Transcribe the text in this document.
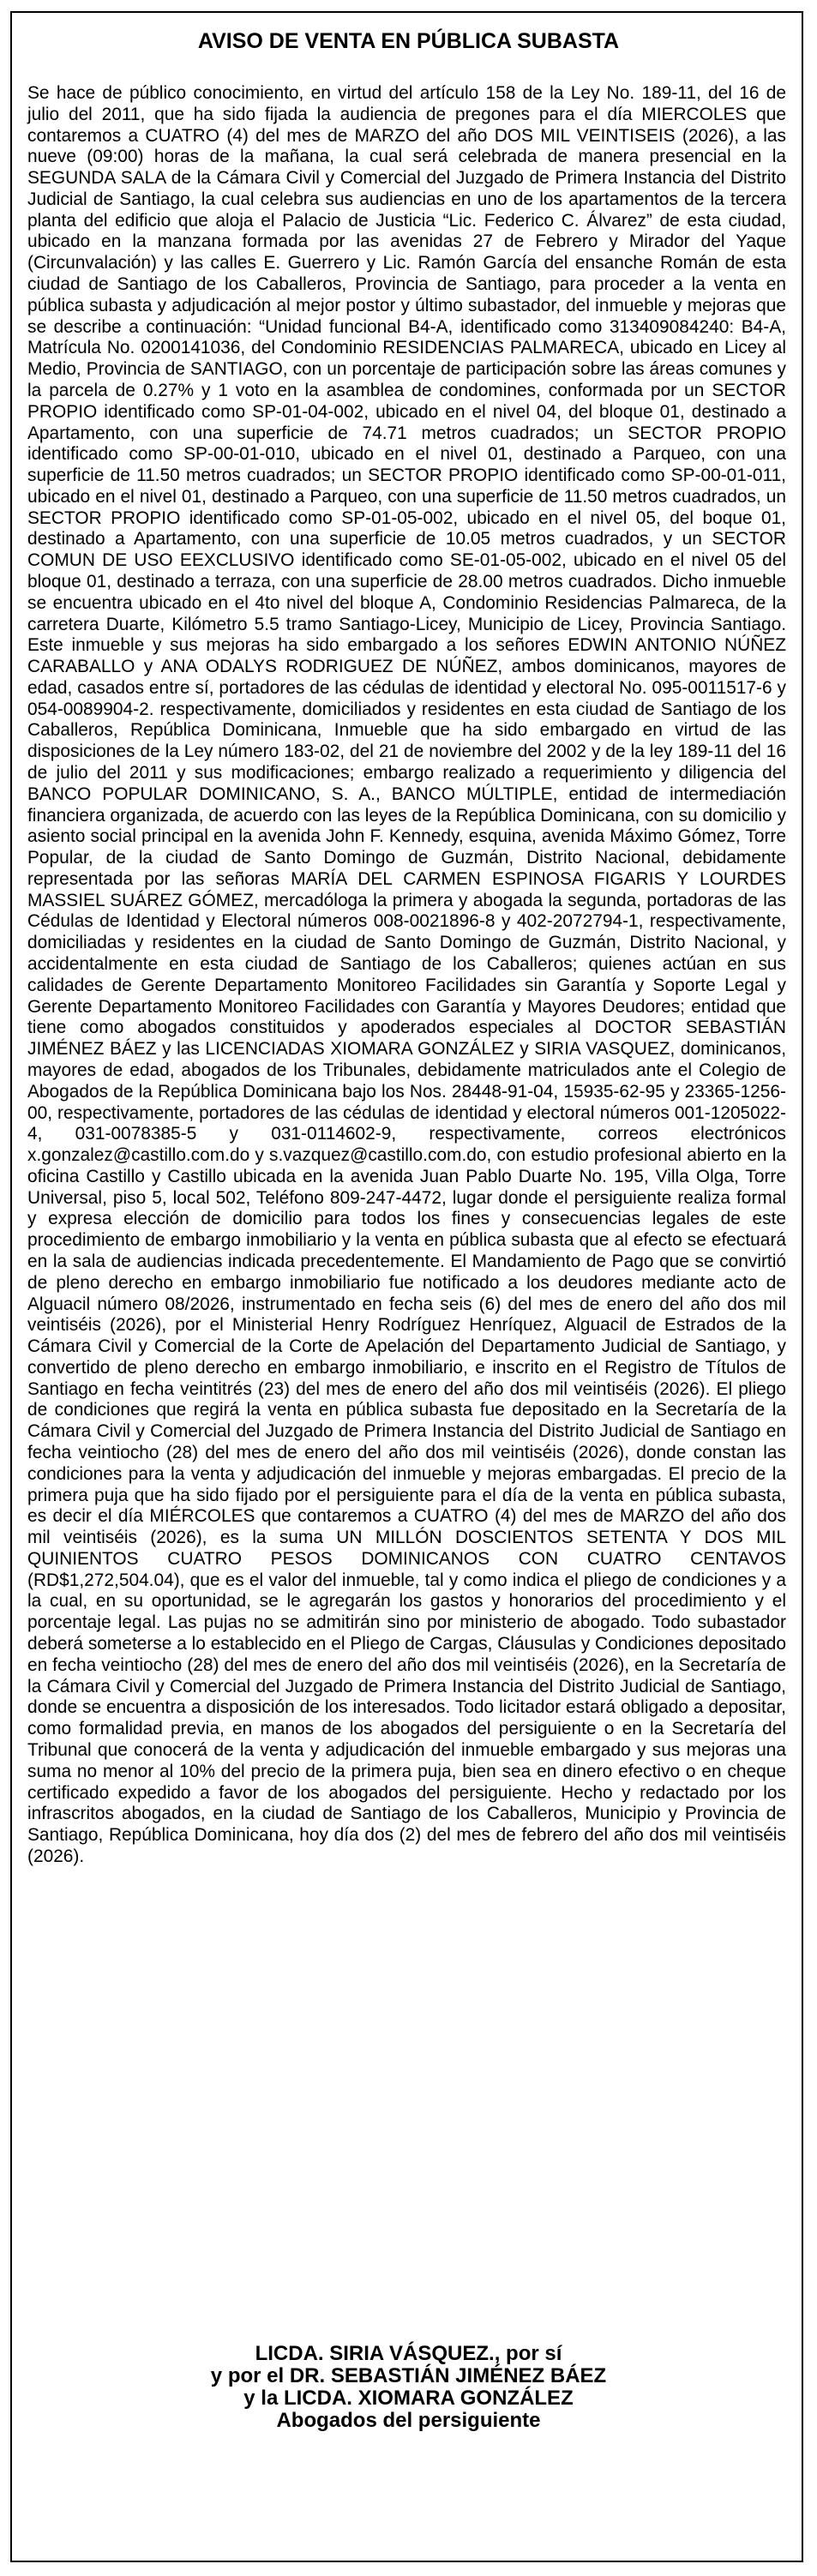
AVISO DE VENTA EN PÚBLICA SUBASTA

Se hace de público conocimiento, en virtud del artículo 158 de la Ley No. 189-11, del 16 de julio del 2011, que ha sido fijada la audiencia de pregones para el día MIERCOLES que contaremos a CUATRO (4) del mes de MARZO del año DOS MIL VEINTISEIS (2026), a las nueve (09:00) horas de la mañana, la cual será celebrada de manera presencial en la SEGUNDA SALA de la Cámara Civil y Comercial del Juzgado de Primera Instancia del Distrito Judicial de Santiago, la cual celebra sus audiencias en uno de los apartamentos de la tercera planta del edificio que aloja el Palacio de Justicia “Lic. Federico C. Álvarez” de esta ciudad, ubicado en la manzana formada por las avenidas 27 de Febrero y Mirador del Yaque (Circunvalación) y las calles E. Guerrero y Lic. Ramón García del ensanche Román de esta ciudad de Santiago de los Caballeros, Provincia de Santiago, para proceder a la venta en pública subasta y adjudicación al mejor postor y último subastador, del inmueble y mejoras que se describe a continuación: “Unidad funcional B4-A, identificado como 313409084240: B4-A, Matrícula No. 0200141036, del Condominio RESIDENCIAS PALMARECA, ubicado en Licey al Medio, Provincia de SANTIAGO, con un porcentaje de participación sobre las áreas comunes y la parcela de 0.27% y 1 voto en la asamblea de condomines, conformada por un SECTOR PROPIO identificado como SP-01-04-002, ubicado en el nivel 04, del bloque 01, destinado a Apartamento, con una superficie de 74.71 metros cuadrados; un SECTOR PROPIO identificado como SP-00-01-010, ubicado en el nivel 01, destinado a Parqueo, con una superficie de 11.50 metros cuadrados; un SECTOR PROPIO identificado como SP-00-01-011, ubicado en el nivel 01, destinado a Parqueo, con una superficie de 11.50 metros cuadrados, un SECTOR PROPIO identificado como SP-01-05-002, ubicado en el nivel 05, del boque 01, destinado a Apartamento, con una superficie de 10.05 metros cuadrados, y un SECTOR COMUN DE USO EEXCLUSIVO identificado como SE-01-05-002, ubicado en el nivel 05 del bloque 01, destinado a terraza, con una superficie de 28.00 metros cuadrados. Dicho inmueble se encuentra ubicado en el 4to nivel del bloque A, Condominio Residencias Palmareca, de la carretera Duarte, Kilómetro 5.5 tramo Santiago-Licey, Municipio de Licey, Provincia Santiago. Este inmueble y sus mejoras ha sido embargado a los señores EDWIN ANTONIO NÚÑEZ CARABALLO y ANA ODALYS RODRIGUEZ DE NÚÑEZ, ambos dominicanos, mayores de edad, casados entre sí, portadores de las cédulas de identidad y electoral No. 095-0011517-6 y 054-0089904-2. respectivamente, domiciliados y residentes en esta ciudad de Santiago de los Caballeros, República Dominicana, Inmueble que ha sido embargado en virtud de las disposiciones de la Ley número 183-02, del 21 de noviembre del 2002 y de la ley 189-11 del 16 de julio del 2011 y sus modificaciones; embargo realizado a requerimiento y diligencia del BANCO POPULAR DOMINICANO, S. A., BANCO MÚLTIPLE, entidad de intermediación financiera organizada, de acuerdo con las leyes de la República Dominicana, con su domicilio y asiento social principal en la avenida John F. Kennedy, esquina, avenida Máximo Gómez, Torre Popular, de la ciudad de Santo Domingo de Guzmán, Distrito Nacional, debidamente representada por las señoras MARÍA DEL CARMEN ESPINOSA FIGARIS Y LOURDES MASSIEL SUÁREZ GÓMEZ, mercadóloga la primera y abogada la segunda, portadoras de las Cédulas de Identidad y Electoral números 008-0021896-8 y 402-2072794-1, respectivamente, domiciliadas y residentes en la ciudad de Santo Domingo de Guzmán, Distrito Nacional, y accidentalmente en esta ciudad de Santiago de los Caballeros; quienes actúan en sus calidades de Gerente Departamento Monitoreo Facilidades sin Garantía y Soporte Legal y Gerente Departamento Monitoreo Facilidades con Garantía y Mayores Deudores; entidad que tiene como abogados constituidos y apoderados especiales al DOCTOR SEBASTIÁN JIMÉNEZ BÁEZ y las LICENCIADAS XIOMARA GONZÁLEZ y SIRIA VASQUEZ, dominicanos, mayores de edad, abogados de los Tribunales, debidamente matriculados ante el Colegio de Abogados de la República Dominicana bajo los Nos. 28448-91-04, 15935-62-95 y 23365-1256-00, respectivamente, portadores de las cédulas de identidad y electoral números 001-1205022-4, 031-0078385-5 y 031-0114602-9, respectivamente, correos electrónicos x.gonzalez@castillo.com.do y s.vazquez@castillo.com.do, con estudio profesional abierto en la oficina Castillo y Castillo ubicada en la avenida Juan Pablo Duarte No. 195, Villa Olga, Torre Universal, piso 5, local 502, Teléfono 809-247-4472, lugar donde el persiguiente realiza formal y expresa elección de domicilio para todos los fines y consecuencias legales de este procedimiento de embargo inmobiliario y la venta en pública subasta que al efecto se efectuará en la sala de audiencias indicada precedentemente. El Mandamiento de Pago que se convirtió de pleno derecho en embargo inmobiliario fue notificado a los deudores mediante acto de Alguacil número 08/2026, instrumentado en fecha seis (6) del mes de enero del año dos mil veintiséis (2026), por el Ministerial Henry Rodríguez Henríquez, Alguacil de Estrados de la Cámara Civil y Comercial de la Corte de Apelación del Departamento Judicial de Santiago, y convertido de pleno derecho en embargo inmobiliario, e inscrito en el Registro de Títulos de Santiago en fecha veintitrés (23) del mes de enero del año dos mil veintiséis (2026). El pliego de condiciones que regirá la venta en pública subasta fue depositado en la Secretaría de la Cámara Civil y Comercial del Juzgado de Primera Instancia del Distrito Judicial de Santiago en fecha veintiocho (28) del mes de enero del año dos mil veintiséis (2026), donde constan las condiciones para la venta y adjudicación del inmueble y mejoras embargadas. El precio de la primera puja que ha sido fijado por el persiguiente para el día de la venta en pública subasta, es decir el día MIÉRCOLES que contaremos a CUATRO (4) del mes de MARZO del año dos mil veintiséis (2026), es la suma UN MILLÓN DOSCIENTOS SETENTA Y DOS MIL QUINIENTOS CUATRO PESOS DOMINICANOS CON CUATRO CENTAVOS (RD$1,272,504.04), que es el valor del inmueble, tal y como indica el pliego de condiciones y a la cual, en su oportunidad, se le agregarán los gastos y honorarios del procedimiento y el porcentaje legal. Las pujas no se admitirán sino por ministerio de abogado. Todo subastador deberá someterse a lo establecido en el Pliego de Cargas, Cláusulas y Condiciones depositado en fecha veintiocho (28) del mes de enero del año dos mil veintiséis (2026), en la Secretaría de la Cámara Civil y Comercial del Juzgado de Primera Instancia del Distrito Judicial de Santiago, donde se encuentra a disposición de los interesados. Todo licitador estará obligado a depositar, como formalidad previa, en manos de los abogados del persiguiente o en la Secretaría del Tribunal que conocerá de la venta y adjudicación del inmueble embargado y sus mejoras una suma no menor al 10% del precio de la primera puja, bien sea en dinero efectivo o en cheque certificado expedido a favor de los abogados del persiguiente. Hecho y redactado por los infrascritos abogados, en la ciudad de Santiago de los Caballeros, Municipio y Provincia de Santiago, República Dominicana, hoy día dos (2) del mes de febrero del año dos mil veintiséis (2026).

LICDA. SIRIA VÁSQUEZ., por sí
y por el DR. SEBASTIÁN JIMÉNEZ BÁEZ
y la LICDA. XIOMARA GONZÁLEZ
Abogados del persiguiente
